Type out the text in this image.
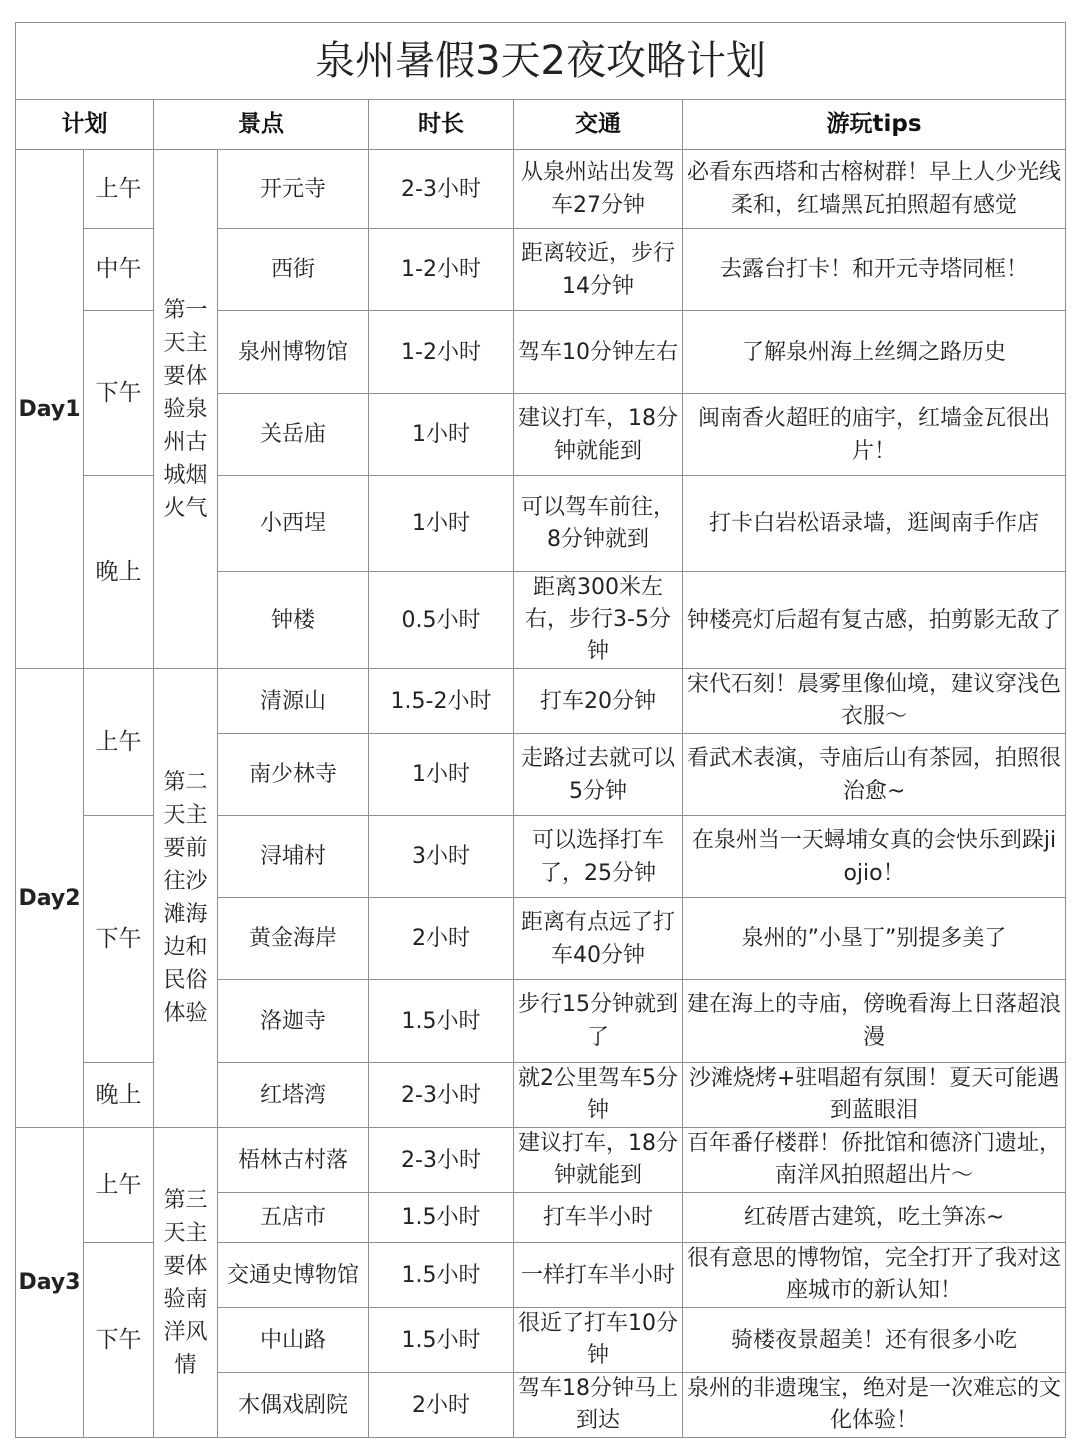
泉州暑假3天2夜攻略计划						
计划		景点		时长	交通	游玩tips
Day1	上午	第一天主要体验泉州古城烟火气	开元寺	2-3小时	从泉州站出发驾车27分钟	必看东西塔和古榕树群！早上人少光线柔和，红墙黑瓦拍照超有感觉
	中午		西街	1-2小时	距离较近，步行14分钟	去露台打卡！和开元寺塔同框！
	下午		泉州博物馆	1-2小时	驾车10分钟左右	了解泉州海上丝绸之路历史
			关岳庙	1小时	建议打车，18分钟就能到	闽南香火超旺的庙宇，红墙金瓦很出片！
	晚上		小西埕	1小时	可以驾车前往，8分钟就到	打卡白岩松语录墙，逛闽南手作店
			钟楼	0.5小时	距离300米左右，步行3-5分钟	钟楼亮灯后超有复古感，拍剪影无敌了
Day2	上午	第二天主要前往沙滩海边和民俗体验	清源山	1.5-2小时	打车20分钟	宋代石刻！晨雾里像仙境，建议穿浅色衣服～
			南少林寺	1小时	走路过去就可以 5分钟	看武术表演，寺庙后山有茶园，拍照很治愈~
	下午		浔埔村	3小时	可以选择打车了，25分钟	在泉州当一天蟳埔女真的会快乐到跺jiojio！
			黄金海岸	2小时	距离有点远了打车40分钟	泉州的”小垦丁”别提多美了
			洛迦寺	1.5小时	步行15分钟就到了	建在海上的寺庙，傍晚看海上日落超浪漫
	晚上		红塔湾	2-3小时	就2公里驾车5分钟	沙滩烧烤+驻唱超有氛围！夏天可能遇到蓝眼泪
Day3	上午	第三天主要体验南洋风情	梧林古村落	2-3小时	建议打车，18分钟就能到	百年番仔楼群！侨批馆和德济门遗址，南洋风拍照超出片～
			五店市	1.5小时	打车半小时	红砖厝古建筑，吃土笋冻~
	下午		交通史博物馆	1.5小时	一样打车半小时	很有意思的博物馆，完全打开了我对这座城市的新认知！
			中山路	1.5小时	很近了打车10分钟	骑楼夜景超美！还有很多小吃
			木偶戏剧院	2小时	驾车18分钟马上到达	泉州的非遗瑰宝，绝对是一次难忘的文化体验！
